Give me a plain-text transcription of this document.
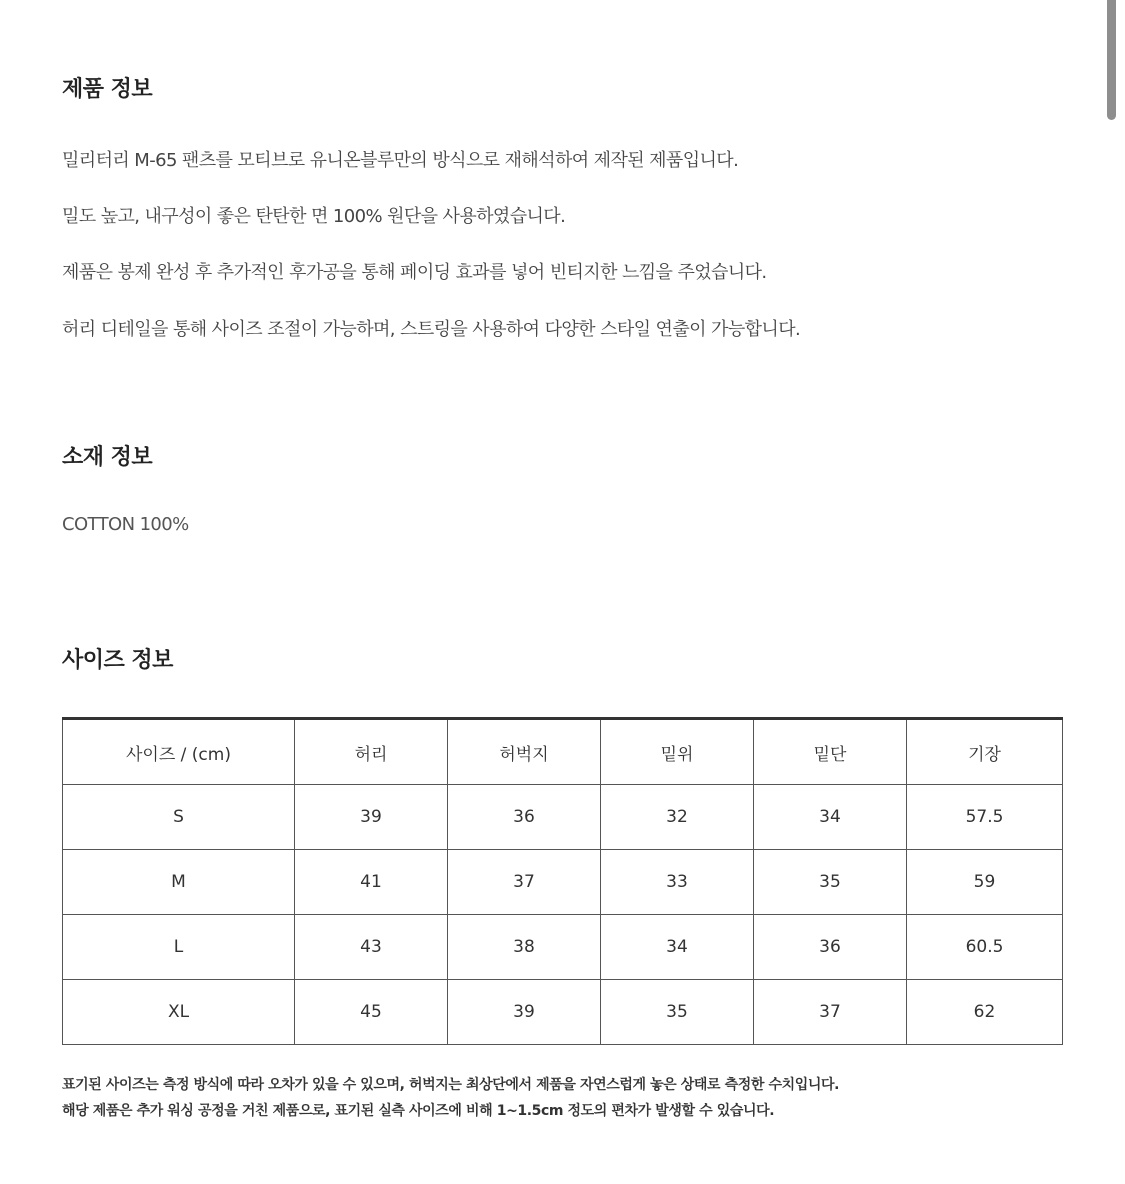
제품 정보

밀리터리 M-65 팬츠를 모티브로 유니온블루만의 방식으로 재해석하여 제작된 제품입니다.

밀도 높고, 내구성이 좋은 탄탄한 면 100% 원단을 사용하였습니다.

제품은 봉제 완성 후 추가적인 후가공을 통해 페이딩 효과를 넣어 빈티지한 느낌을 주었습니다.

허리 디테일을 통해 사이즈 조절이 가능하며, 스트링을 사용하여 다양한 스타일 연출이 가능합니다.

소재 정보

COTTON 100%

사이즈 정보
사이즈 / (cm)	허리	허벅지	밑위	밑단	기장
S	39	36	32	34	57.5
M	41	37	33	35	59
L	43	38	34	36	60.5
XL	45	39	35	37	62

표기된 사이즈는 측정 방식에 따라 오차가 있을 수 있으며, 허벅지는 최상단에서 제품을 자연스럽게 놓은 상태로 측정한 수치입니다.

해당 제품은 추가 워싱 공정을 거친 제품으로, 표기된 실측 사이즈에 비해 1~1.5cm 정도의 편차가 발생할 수 있습니다.
